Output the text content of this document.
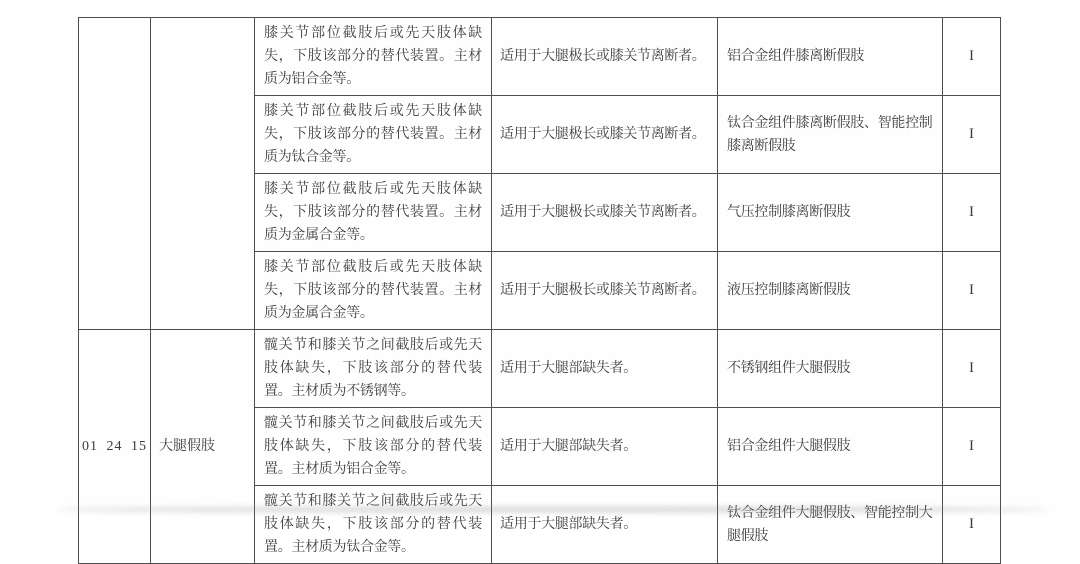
		膝关节部位截肢后或先天肢体缺失，下肢该部分的替代装置。主材质为铝合金等。	适用于大腿极长或膝关节离断者。	铝合金组件膝离断假肢	I
		膝关节部位截肢后或先天肢体缺失，下肢该部分的替代装置。主材质为钛合金等。	适用于大腿极长或膝关节离断者。	钛合金组件膝离断假肢、智能控制膝离断假肢	I
		膝关节部位截肢后或先天肢体缺失，下肢该部分的替代装置。主材质为金属合金等。	适用于大腿极长或膝关节离断者。	气压控制膝离断假肢	I
		膝关节部位截肢后或先天肢体缺失，下肢该部分的替代装置。主材质为金属合金等。	适用于大腿极长或膝关节离断者。	液压控制膝离断假肢	I
01 24 15	大腿假肢	髋关节和膝关节之间截肢后或先天肢体缺失，下肢该部分的替代装置。主材质为不锈钢等。	适用于大腿部缺失者。	不锈钢组件大腿假肢	I
		髋关节和膝关节之间截肢后或先天肢体缺失，下肢该部分的替代装置。主材质为铝合金等。	适用于大腿部缺失者。	铝合金组件大腿假肢	I
		髋关节和膝关节之间截肢后或先天肢体缺失，下肢该部分的替代装置。主材质为钛合金等。	适用于大腿部缺失者。	钛合金组件大腿假肢、智能控制大腿假肢	I
